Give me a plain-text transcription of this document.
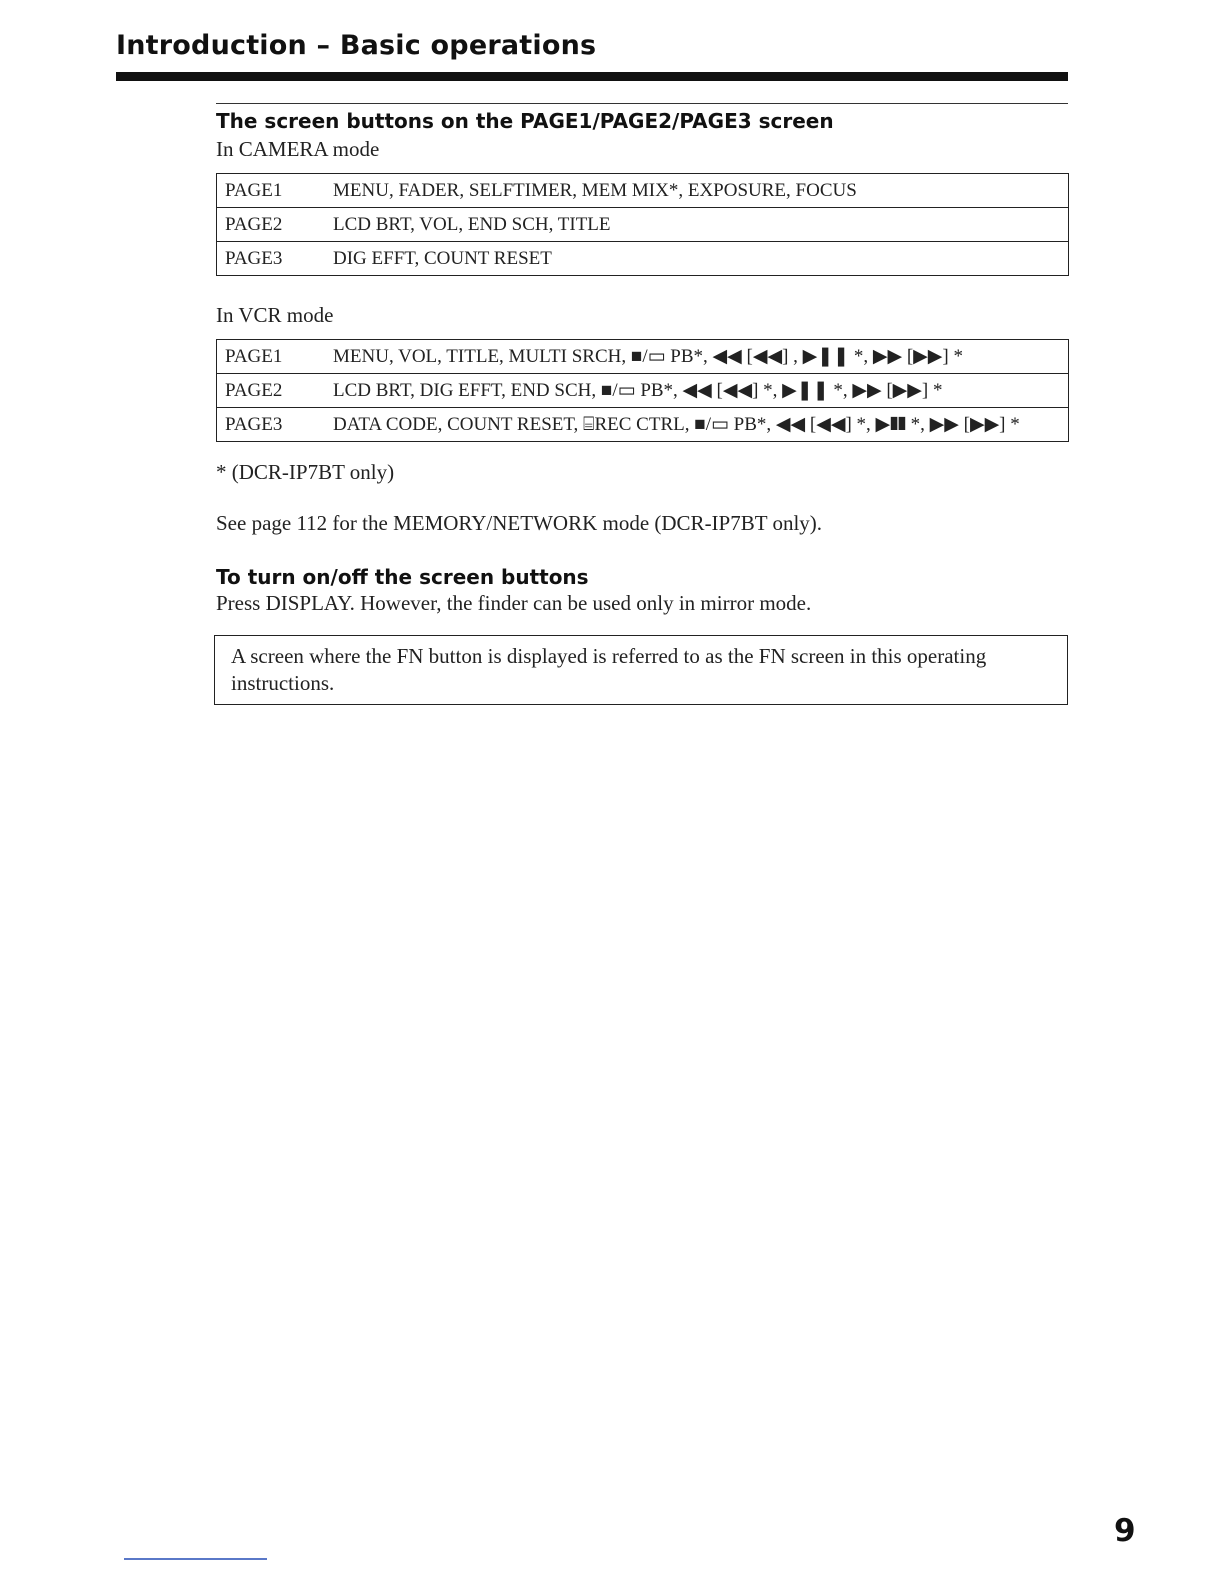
Introduction – Basic operations
The screen buttons on the PAGE1/PAGE2/PAGE3 screen
In CAMERA mode
PAGE1	MENU, FADER, SELFTIMER, MEM MIX*, EXPOSURE, FOCUS
PAGE2	LCD BRT, VOL, END SCH, TITLE
PAGE3	DIG EFFT, COUNT RESET
In VCR mode
PAGE1	MENU, VOL, TITLE, MULTI SRCH, ■/▭ PB*, ◀◀ [◀◀] , ▶❚❚ *, ▶▶ [▶▶] *
PAGE2	LCD BRT, DIG EFFT, END SCH, ■/▭ PB*, ◀◀ [◀◀] *, ▶❚❚ *, ▶▶ [▶▶] *
PAGE3	DATA CODE, COUNT RESET, ⌸REC CTRL, ■/▭ PB*, ◀◀ [◀◀] *, ▶❚❚ *, ▶▶ [▶▶] *
* (DCR-IP7BT only)
See page 112 for the MEMORY/NETWORK mode (DCR-IP7BT only).
To turn on/off the screen buttons
Press DISPLAY. However, the finder can be used only in mirror mode.
A screen where the FN button is displayed is referred to as the FN screen in this operating instructions.
9
